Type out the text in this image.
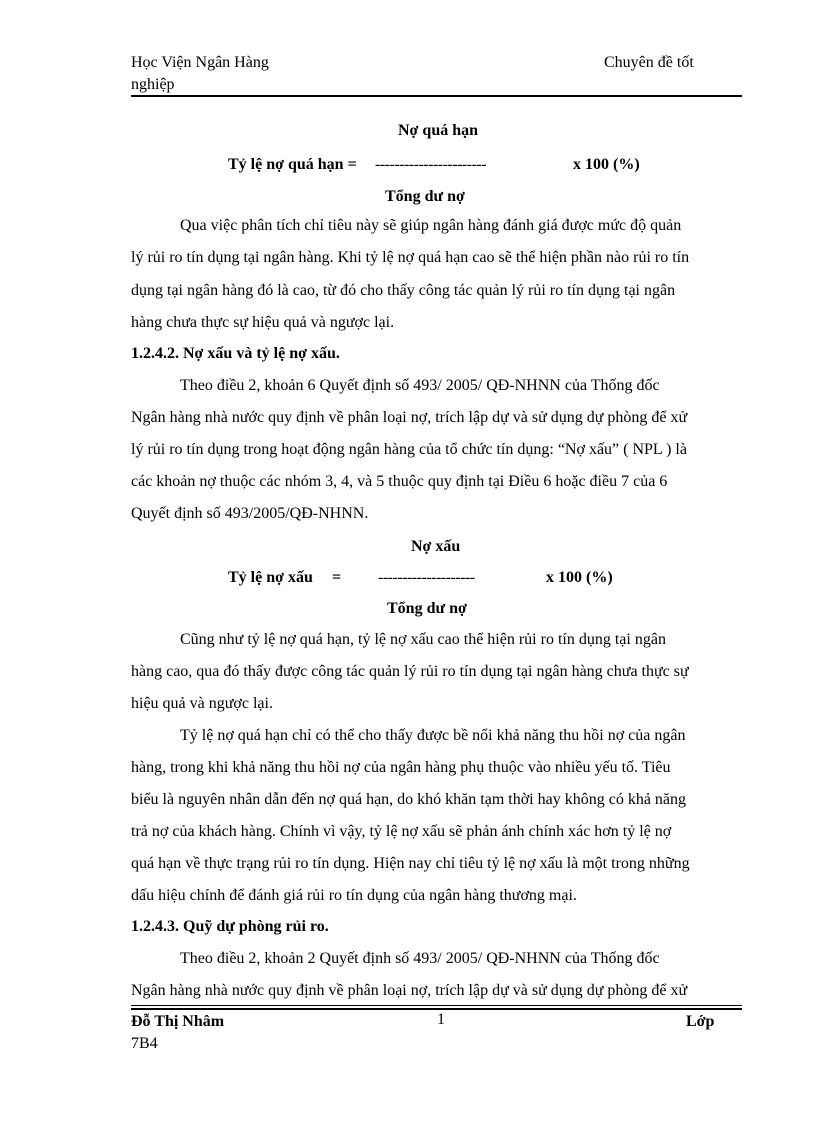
Học Viện Ngân Hàng	Chuyên đề tốt
nghiệp
Nợ quá hạn
Tỷ lệ nợ quá hạn = -----------------------	x 100 (%)
Tổng dư nợ
Qua việc phân tích chỉ tiêu này sẽ giúp ngân hàng đánh giá được mức độ quản
lý rủi ro tín dụng tại ngân hàng. Khi tỷ lệ nợ quá hạn cao sẽ thể hiện phần nào rủi ro tín
dụng tại ngân hàng đó là cao, từ đó cho thấy công tác quản lý rủi ro tín dụng tại ngân
hàng chưa thực sự hiệu quả và ngược lại.
1.2.4.2. Nợ xấu và tỷ lệ nợ xấu.
Theo điều 2, khoản 6 Quyết định số 493/ 2005/ QĐ-NHNN của Thống đốc
Ngân hàng nhà nước quy định về phân loại nợ, trích lập dự và sử dụng dự phòng để xử
lý rủi ro tín dụng trong hoạt động ngân hàng của tổ chức tín dụng: “Nợ xấu” ( NPL ) là
các khoản nợ thuộc các nhóm 3, 4, và 5 thuộc quy định tại Điều 6 hoặc điều 7 của 6
Quyết định số 493/2005/QĐ-NHNN.
Nợ xấu
Tỷ lệ nợ xấu = --------------------	x 100 (%)
Tổng dư nợ
Cũng như tỷ lệ nợ quá hạn, tỷ lệ nợ xấu cao thể hiện rủi ro tín dụng tại ngân
hàng cao, qua đó thấy được công tác quản lý rủi ro tín dụng tại ngân hàng chưa thực sự
hiệu quả và ngược lại.
Tỷ lệ nợ quá hạn chỉ có thể cho thấy được bề nổi khả năng thu hồi nợ của ngân
hàng, trong khi khả năng thu hồi nợ của ngân hàng phụ thuộc vào nhiều yếu tố. Tiêu
biểu là nguyên nhân dẫn đến nợ quá hạn, do khó khăn tạm thời hay không có khả năng
trả nợ của khách hàng. Chính vì vậy, tỷ lệ nợ xấu sẽ phản ánh chính xác hơn tỷ lệ nợ
quá hạn về thực trạng rủi ro tín dụng. Hiện nay chỉ tiêu tỷ lệ nợ xấu là một trong những
dấu hiệu chính để đánh giá rủi ro tín dụng của ngân hàng thương mại.
1.2.4.3. Quỹ dự phòng rủi ro.
Theo điều 2, khoản 2 Quyết định số 493/ 2005/ QĐ-NHNN của Thống đốc
Ngân hàng nhà nước quy định về phân loại nợ, trích lập dự và sử dụng dự phòng để xử
Đỗ Thị Nhâm	1	Lớp
7B4
